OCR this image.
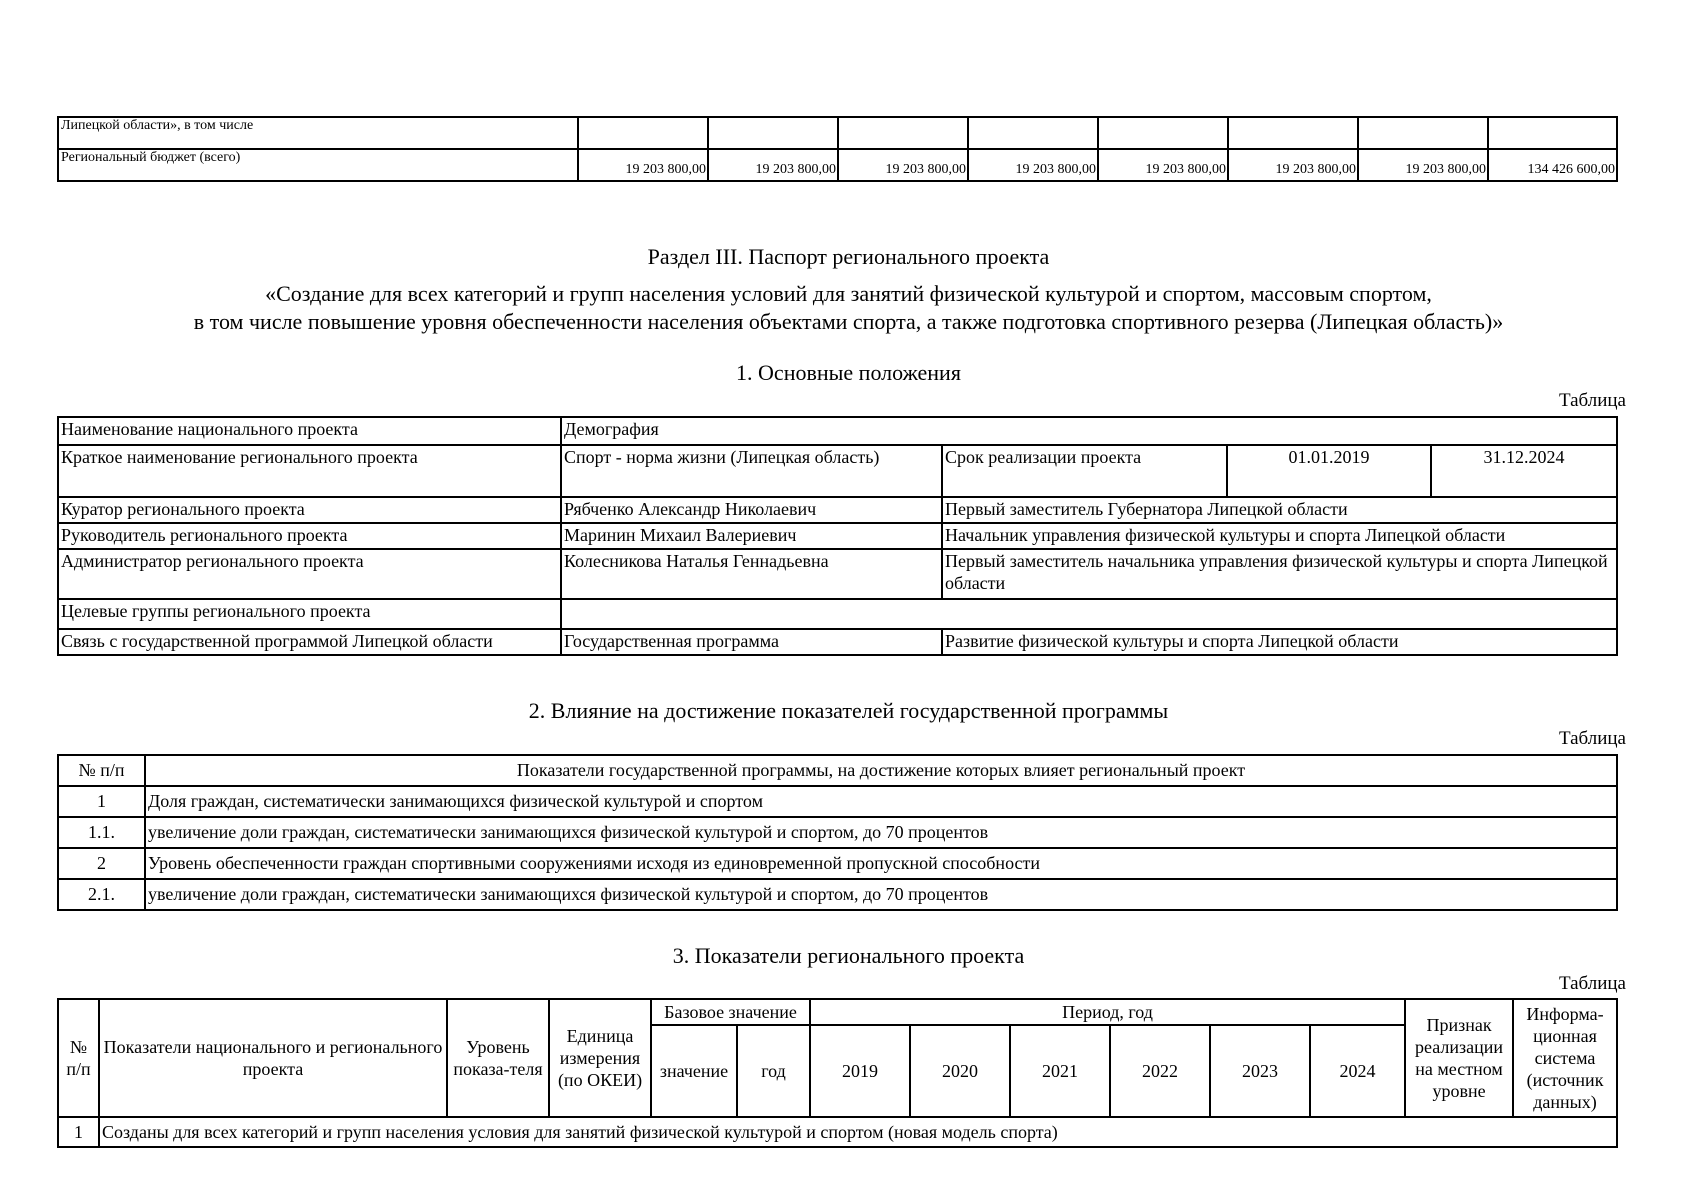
Липецкой области», в том числе								
Региональный бюджет (всего)	19 203 800,00	19 203 800,00	19 203 800,00	19 203 800,00	19 203 800,00	19 203 800,00	19 203 800,00	134 426 600,00
Раздел III. Паспорт регионального проекта
«Создание для всех категорий и групп населения условий для занятий физической культурой и спортом, массовым спортом,
в том числе повышение уровня обеспеченности населения объектами спорта, а также подготовка спортивного резерва (Липецкая область)»
1. Основные положения
Таблица
Наименование национального проекта	Демография			
Краткое наименование регионального проекта	Спорт - норма жизни (Липецкая область)	Срок реализации проекта	01.01.2019	31.12.2024
Куратор регионального проекта	Рябченко Александр Николаевич	Первый заместитель Губернатора Липецкой области		
Руководитель регионального проекта	Маринин Михаил Валериевич	Начальник управления физической культуры и спорта Липецкой области		
Администратор регионального проекта	Колесникова Наталья Геннадьевна	Первый заместитель начальника управления физической культуры и спорта Липецкой области		
Целевые группы регионального проекта				
Связь с государственной программой Липецкой области	Государственная программа	Развитие физической культуры и спорта Липецкой области		
2. Влияние на достижение показателей государственной программы
Таблица
№ п/п	Показатели государственной программы, на достижение которых влияет региональный проект
1	Доля граждан, систематически занимающихся физической культурой и спортом
1.1.	увеличение доли граждан, систематически занимающихся физической культурой и спортом, до 70 процентов
2	Уровень обеспеченности граждан спортивными сооружениями исходя из единовременной пропускной способности
2.1.	увеличение доли граждан, систематически занимающихся физической культурой и спортом, до 70 процентов
3. Показатели регионального проекта
Таблица
№ п/п	Показатели национального и регионального проекта	Уровень показа-теля	Единица измерения (по ОКЕИ)	Базовое значение		Период, год						Признак реализации на местном уровне	Информа-ционная система (источник данных)
				значение	год	2019	2020	2021	2022	2023	2024		
1	Созданы для всех категорий и групп населения условия для занятий физической культурой и спортом (новая модель спорта)												
